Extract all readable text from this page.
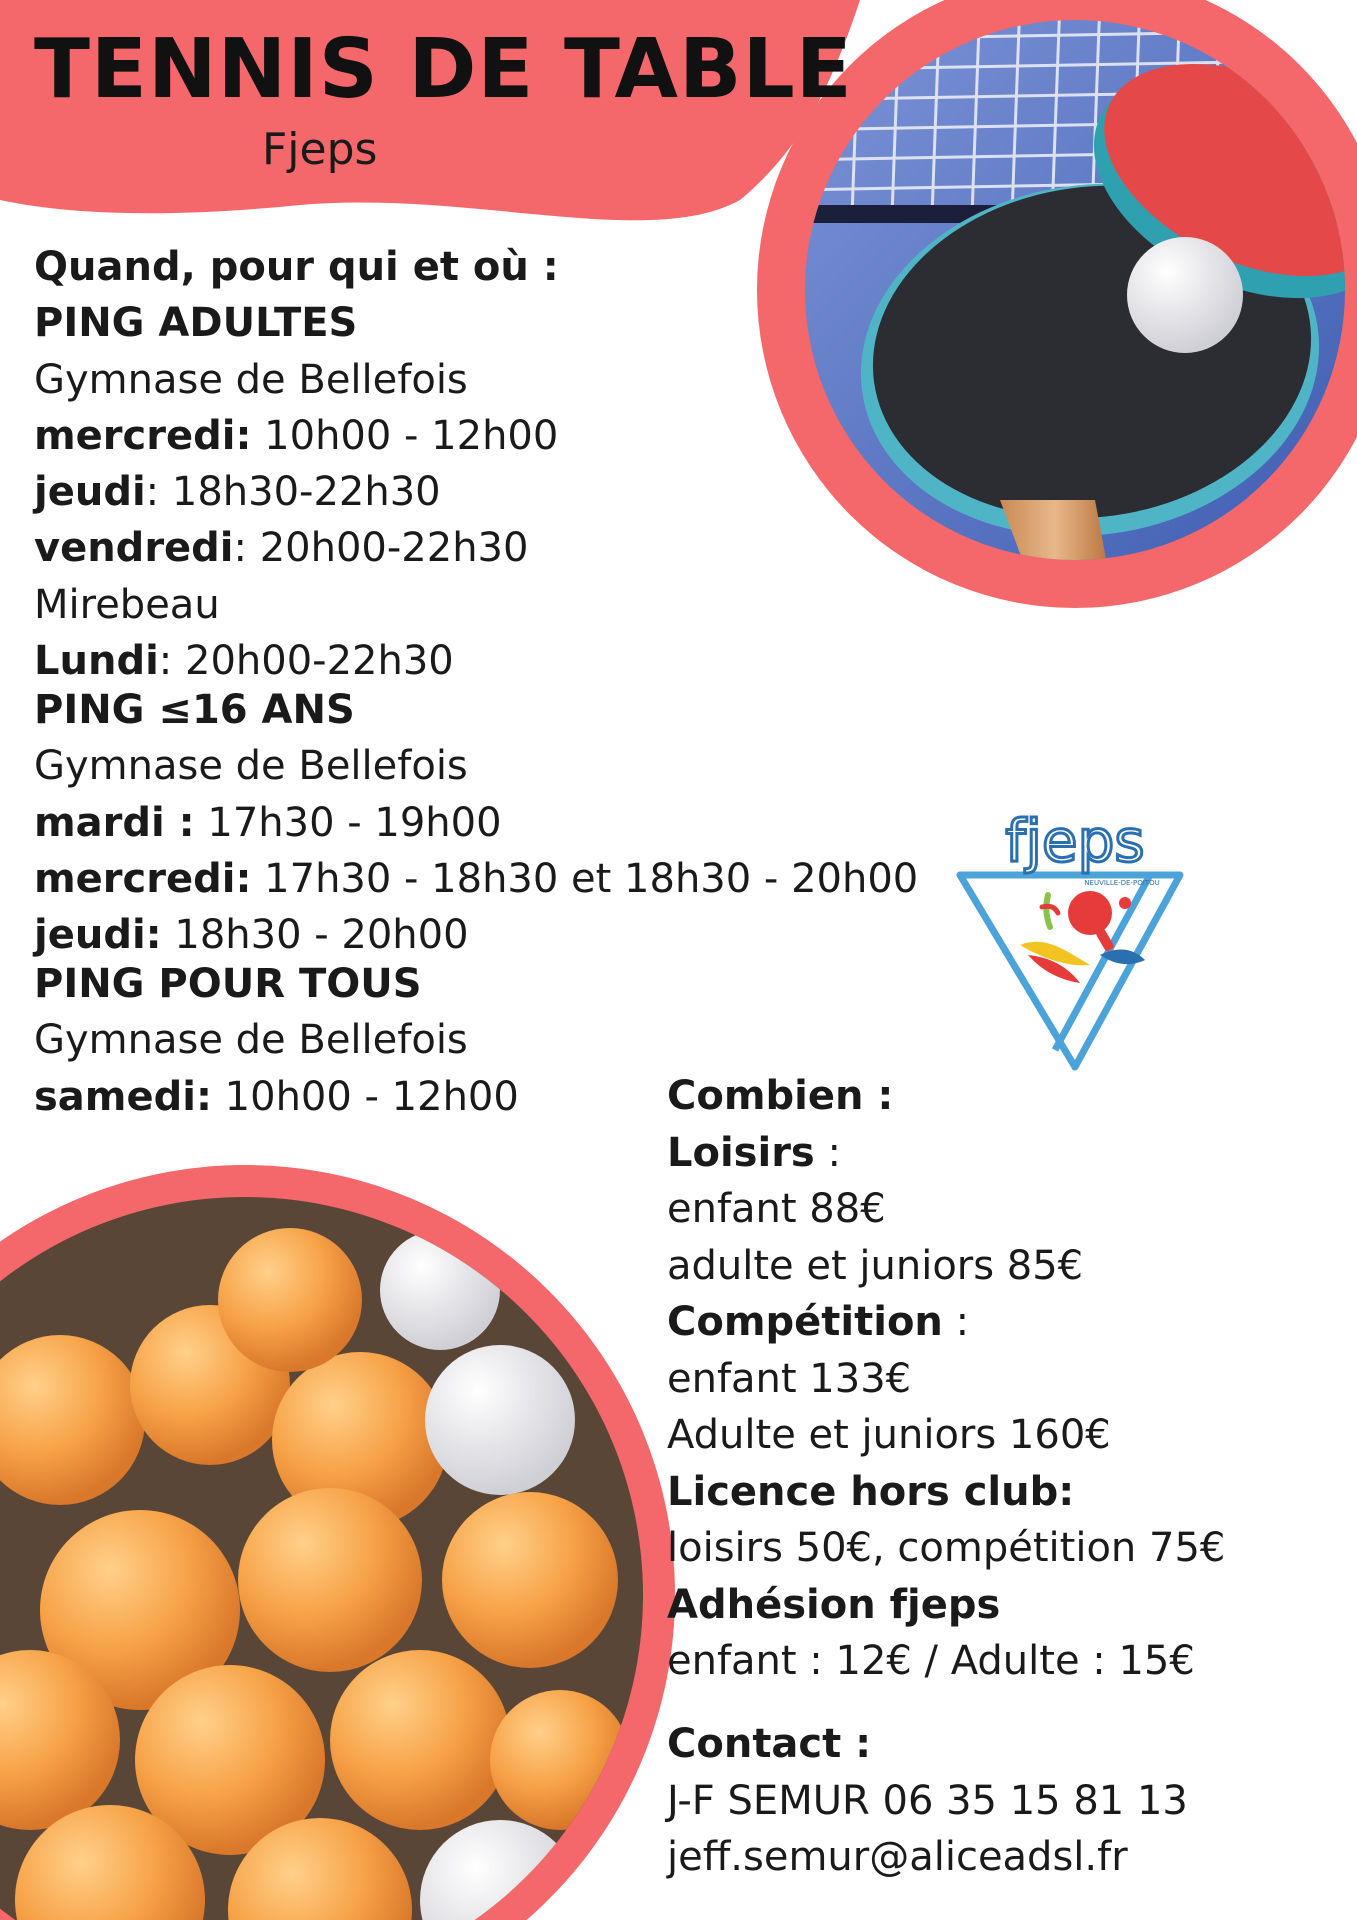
TENNIS DE TABLE
Fjeps
Quand, pour qui et où :
PING ADULTES
Gymnase de Bellefois
mercredi: 10h00 - 12h00
jeudi: 18h30-22h30
vendredi: 20h00-22h30
Mirebeau
Lundi: 20h00-22h30
PING ≤16 ANS
Gymnase de Bellefois
mardi : 17h30 - 19h00
mercredi: 17h30 - 18h30 et 18h30 - 20h00
jeudi: 18h30 - 20h00
PING POUR TOUS
Gymnase de Bellefois
samedi: 10h00 - 12h00
fjeps
NEUVILLE-DE-POITOU
Combien :
Loisirs :
enfant 88€
adulte et juniors 85€
Compétition :
enfant 133€
Adulte et juniors 160€
Licence hors club:
loisirs 50€, compétition 75€
Adhésion fjeps
enfant : 12€ / Adulte : 15€
Contact :
J-F SEMUR 06 35 15 81 13
jeff.semur@aliceadsl.fr
